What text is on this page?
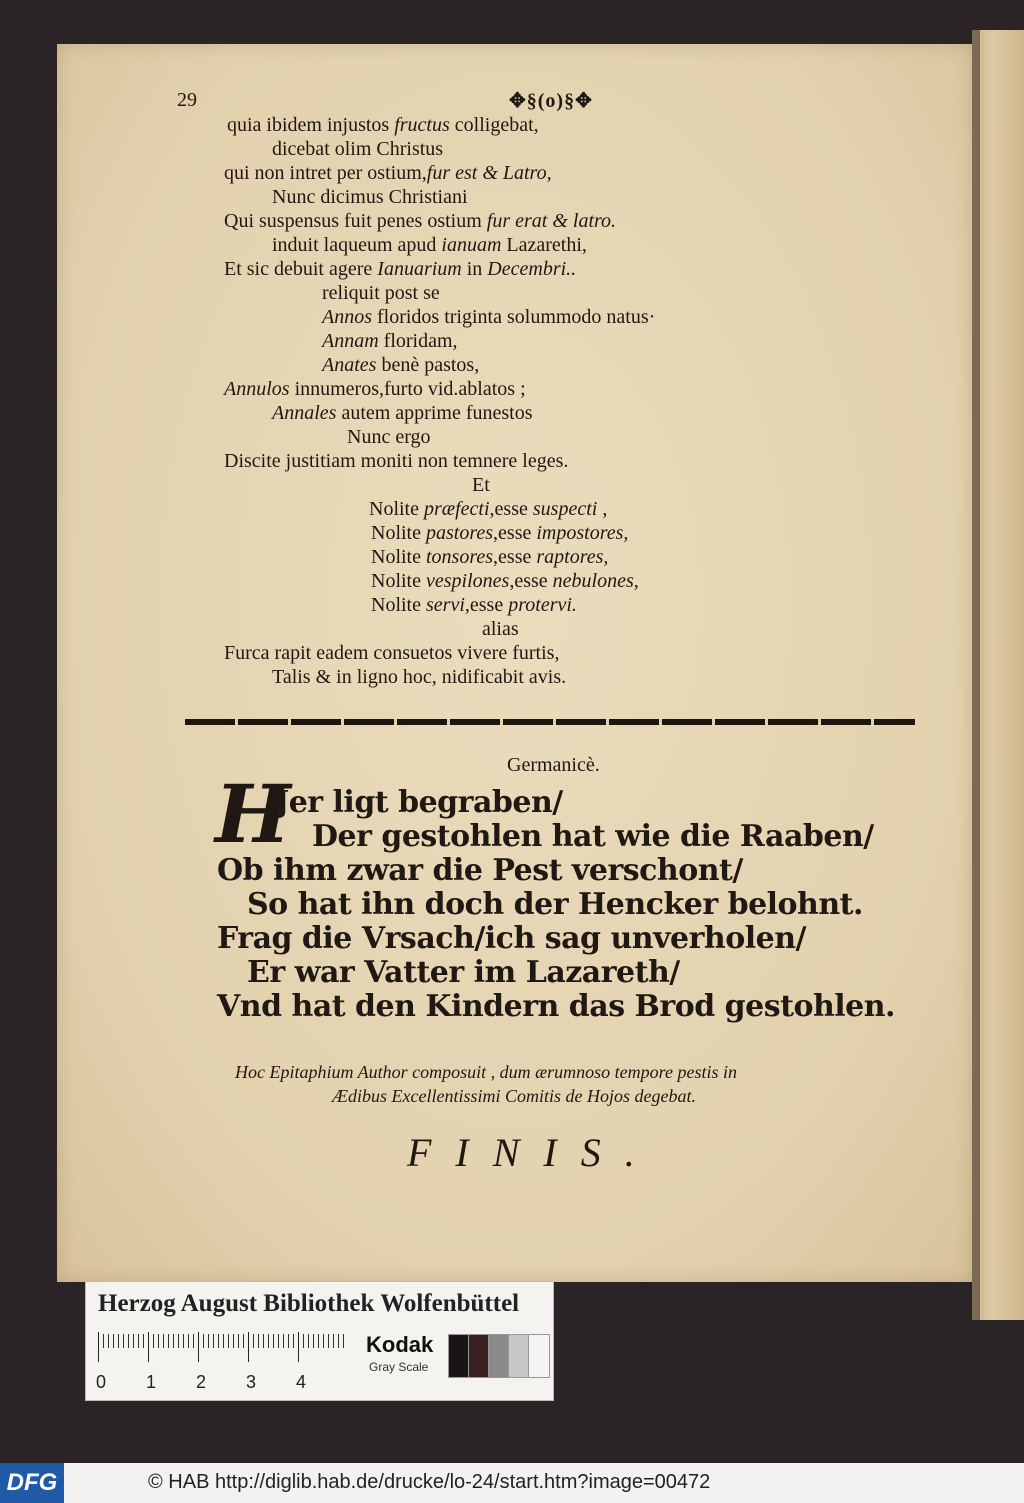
29	✥§(o)§✥
quia ibidem injustos fructus colligebat,
dicebat olim Christus
qui non intret per ostium,fur est & Latro,
Nunc dicimus Christiani
Qui suspensus fuit penes ostium fur erat & latro.
induit laqueum apud ianuam Lazarethi,
Et sic debuit agere Ianuarium in Decembri..
reliquit post se
Annos floridos triginta solummodo natus·
Annam floridam,
Anates benè pastos,
Annulos innumeros,furto vid.ablatos ;
Annales autem apprime funestos
Nunc ergo
Discite justitiam moniti non temnere leges.
Et
Nolite præfecti,esse suspecti ,
Nolite pastores,esse impostores,
Nolite tonsores,esse raptores,
Nolite vespilones,esse nebulones,
Nolite servi,esse protervi.
alias
Furca rapit eadem consuetos vivere furtis,
Talis & in ligno hoc, nidificabit avis.
Germanicè.
H
Jer ligt begraben/
Der gestohlen hat wie die Raaben/
Ob ihm zwar die Pest verschont/
So hat ihn doch der Hencker belohnt.
Frag die Vrsach/ich sag unverholen/
Er war Vatter im Lazareth/
Vnd hat den Kindern das Brod gestohlen.
Hoc Epitaphium Author composuit , dum ærumnoso tempore pestis in
Ædibus Excellentissimi Comitis de Hojos degebat.
FINIS.
Herzog August Bibliothek Wolfenbüttel
0 1 2 3 4
Kodak
Gray Scale
DFG	© HAB http://diglib.hab.de/drucke/lo-24/start.htm?image=00472
